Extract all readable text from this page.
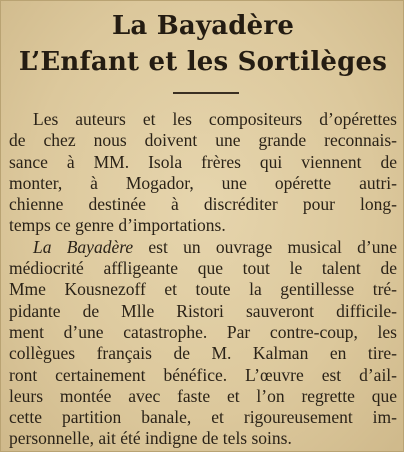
La Bayadère
L’Enfant et les Sortilèges
Les auteurs et les compositeurs d’opérettes
de chez nous doivent une grande reconnais-
sance à MM. Isola frères qui viennent de
monter, à Mogador, une opérette autri-
chienne destinée à discréditer pour long-
temps ce genre d’importations.
La Bayadère est un ouvrage musical d’une
médiocrité affligeante que tout le talent de
Mme Kousnezoff et toute la gentillesse tré-
pidante de Mlle Ristori sauveront difficile-
ment d’une catastrophe. Par contre-coup, les
collègues français de M. Kalman en tire-
ront certainement bénéfice. L’œuvre est d’ail-
leurs montée avec faste et l’on regrette que
cette partition banale, et rigoureusement im-
personnelle, ait été indigne de tels soins.
